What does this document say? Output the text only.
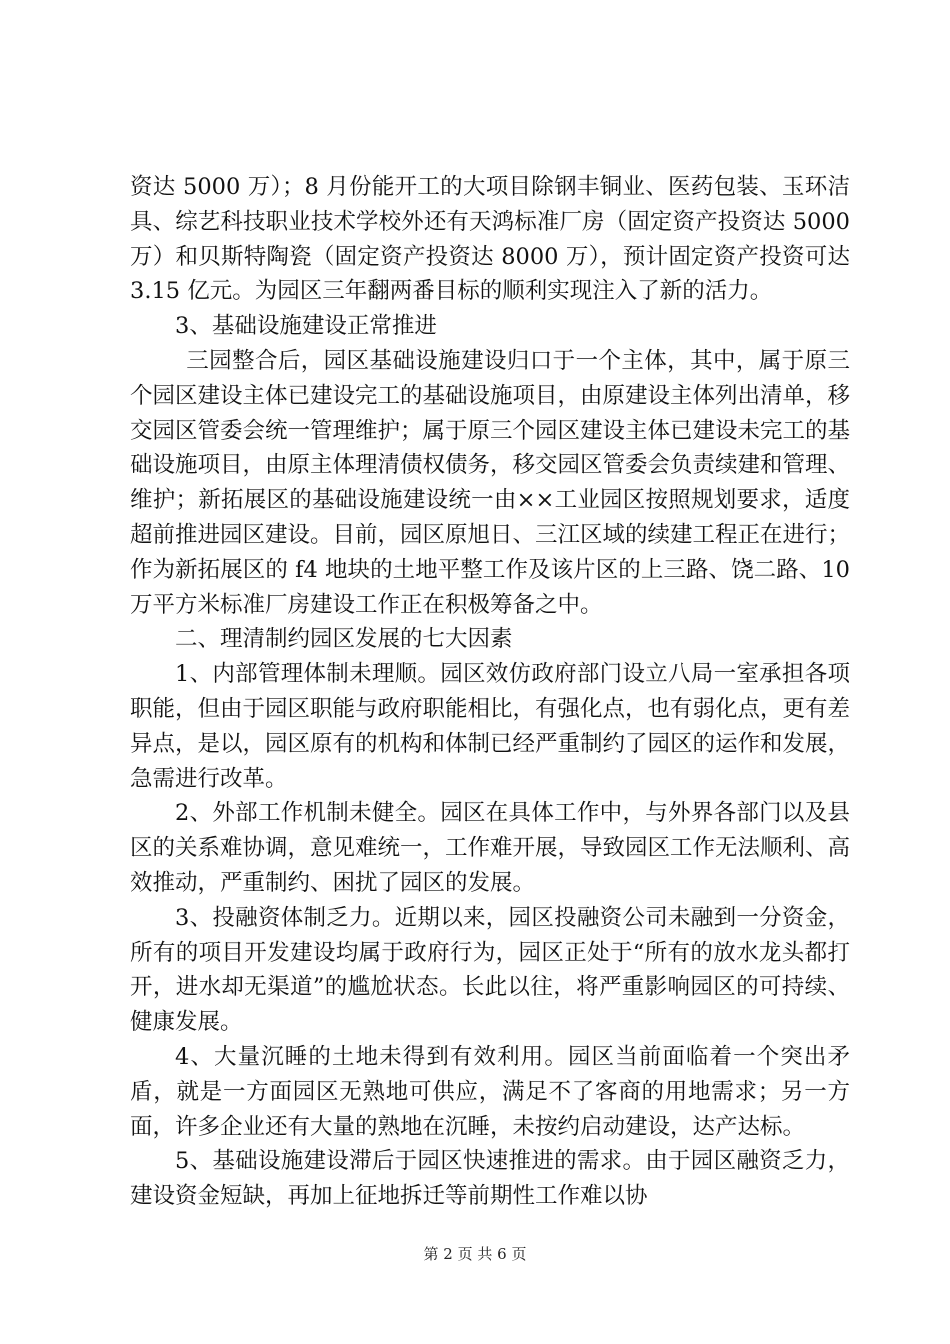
资达 5000 万）；8 月份能开工的大项目除钢丰铜业、医药包装、玉环洁具、综艺科技职业技术学校外还有天鸿标准厂房（固定资产投资达 5000 万）和贝斯特陶瓷（固定资产投资达 8000 万），预计固定资产投资可达 3.15 亿元。为园区三年翻两番目标的顺利实现注入了新的活力。

3、基础设施建设正常推进

三园整合后，园区基础设施建设归口于一个主体，其中，属于原三个园区建设主体已建设完工的基础设施项目，由原建设主体列出清单，移交园区管委会统一管理维护；属于原三个园区建设主体已建设未完工的基础设施项目，由原主体理清债权债务，移交园区管委会负责续建和管理、维护；新拓展区的基础设施建设统一由××工业园区按照规划要求，适度超前推进园区建设。目前，园区原旭日、三江区域的续建工程正在进行；作为新拓展区的 f4 地块的土地平整工作及该片区的上三路、饶二路、10 万平方米标准厂房建设工作正在积极筹备之中。

二、理清制约园区发展的七大因素

1、内部管理体制未理顺。园区效仿政府部门设立八局一室承担各项职能，但由于园区职能与政府职能相比，有强化点，也有弱化点，更有差异点，是以，园区原有的机构和体制已经严重制约了园区的运作和发展，急需进行改革。

2、外部工作机制未健全。园区在具体工作中，与外界各部门以及县区的关系难协调，意见难统一，工作难开展，导致园区工作无法顺利、高效推动，严重制约、困扰了园区的发展。

3、投融资体制乏力。近期以来，园区投融资公司未融到一分资金，所有的项目开发建设均属于政府行为，园区正处于“所有的放水龙头都打开，进水却无渠道”的尴尬状态。长此以往，将严重影响园区的可持续、健康发展。

4、大量沉睡的土地未得到有效利用。园区当前面临着一个突出矛盾，就是一方面园区无熟地可供应，满足不了客商的用地需求；另一方面，许多企业还有大量的熟地在沉睡，未按约启动建设，达产达标。

5、基础设施建设滞后于园区快速推进的需求。由于园区融资乏力，建设资金短缺，再加上征地拆迁等前期性工作难以协

第 2 页 共 6 页
